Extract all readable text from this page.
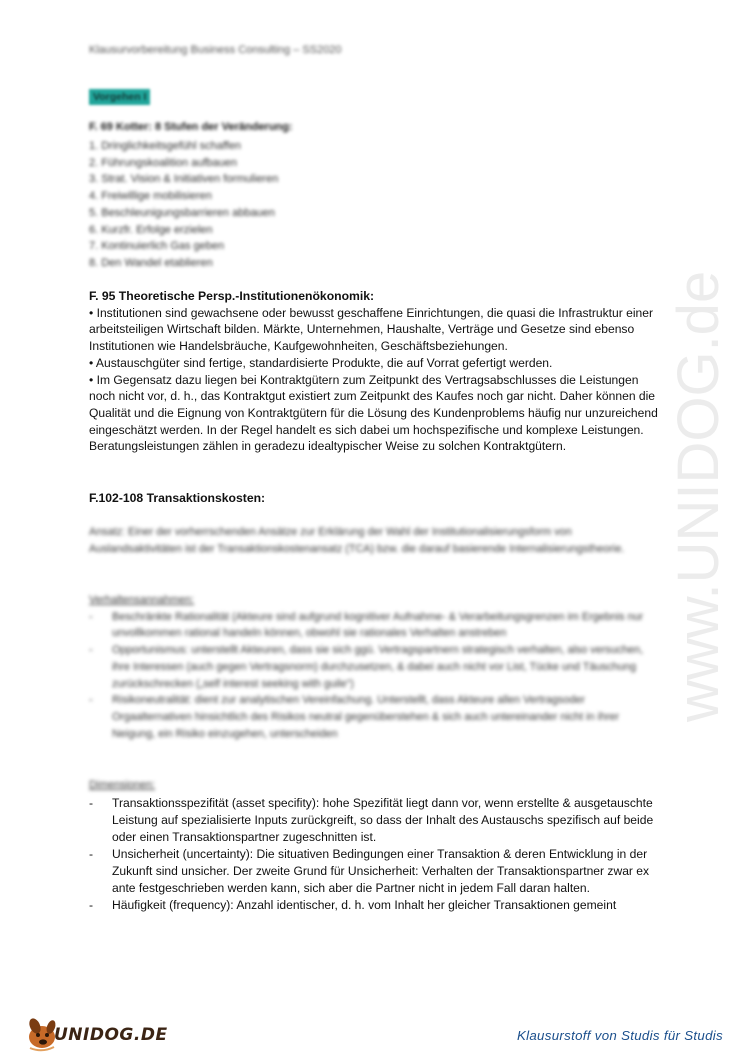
Klausurvorbereitung Business Consulting – SS2020
Vorgehen I
F. 69 Kotter: 8 Stufen der Veränderung:
1. Dringlichkeitsgefühl schaffen
2. Führungskoalition aufbauen
3. Strat. Vision & Initiativen formulieren
4. Freiwillige mobilisieren
5. Beschleunigungsbarrieren abbauen
6. Kurzfr. Erfolge erzielen
7. Kontinuierlich Gas geben
8. Den Wandel etablieren
F. 95 Theoretische Persp.-Institutionenökonomik:
• Institutionen sind gewachsene oder bewusst geschaffene Einrichtungen, die quasi die Infrastruktur einer arbeitsteiligen Wirtschaft bilden. Märkte, Unternehmen, Haushalte, Verträge und Gesetze sind ebenso Institutionen wie Handelsbräuche, Kaufgewohnheiten, Geschäftsbeziehungen.
• Austauschgüter sind fertige, standardisierte Produkte, die auf Vorrat gefertigt werden.
• Im Gegensatz dazu liegen bei Kontraktgütern zum Zeitpunkt des Vertragsabschlusses die Leistungen noch nicht vor, d. h., das Kontraktgut existiert zum Zeitpunkt des Kaufes noch gar nicht. Daher können die Qualität und die Eignung von Kontraktgütern für die Lösung des Kundenproblems häufig nur unzureichend eingeschätzt werden. In der Regel handelt es sich dabei um hochspezifische und komplexe Leistungen. Beratungsleistungen zählen in geradezu idealtypischer Weise zu solchen Kontraktgütern.
F.102-108 Transaktionskosten:
Ansatz: Einer der vorherrschenden Ansätze zur Erklärung der Wahl der Institutionalisierungsform von Auslandsaktivitäten ist der Transaktionskostenansatz (TCA) bzw. die darauf basierende Internalisierungstheorie.
Verhaltensannahmen:
- Beschränkte Rationalität (Akteure sind aufgrund kognitiver Aufnahme- & Verarbeitungsgrenzen im Ergebnis nur unvollkommen rational handeln können, obwohl sie rationales Verhalten anstreben
- Opportunismus: unterstellt Akteuren, dass sie sich ggü. Vertragspartnern strategisch verhalten, also versuchen, ihre Interessen (auch gegen Vertragsnorm) durchzusetzen, & dabei auch nicht vor List, Tücke und Täuschung zurückschrecken („self interest seeking with guile“)
- Risikoneutralität: dient zur analytischen Vereinfachung. Unterstellt, dass Akteure allen Vertragsoder Orgaalternativen hinsichtlich des Risikos neutral gegenüberstehen & sich auch untereinander nicht in ihrer Neigung, ein Risiko einzugehen, unterscheiden
Dimensionen:
- Transaktionsspezifität (asset specifity): hohe Spezifität liegt dann vor, wenn erstellte & ausgetauschte Leistung auf spezialisierte Inputs zurückgreift, so dass der Inhalt des Austauschs spezifisch auf beide oder einen Transaktionspartner zugeschnitten ist.
- Unsicherheit (uncertainty): Die situativen Bedingungen einer Transaktion & deren Entwicklung in der Zukunft sind unsicher. Der zweite Grund für Unsicherheit: Verhalten der Transaktionspartner zwar ex ante festgeschrieben werden kann, sich aber die Partner nicht in jedem Fall daran halten.
- Häufigkeit (frequency): Anzahl identischer, d. h. vom Inhalt her gleicher Transaktionen gemeint
www.UNIDOG.de
UNIDOG.DE	Klausurstoff von Studis für Studis
